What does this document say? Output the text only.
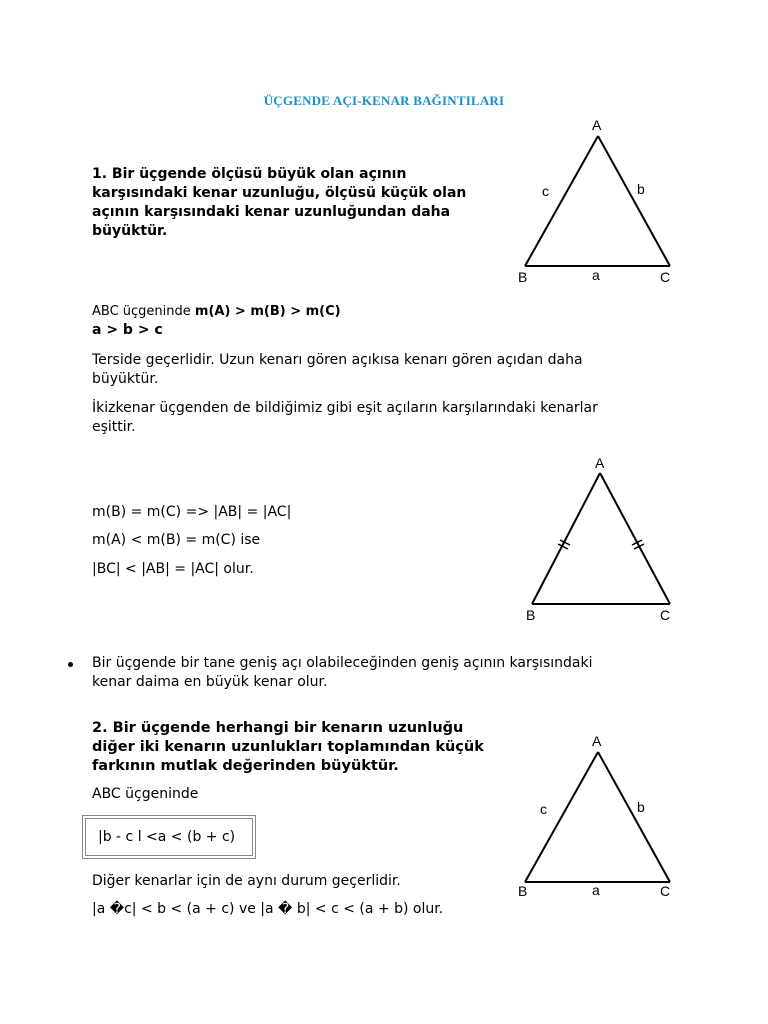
ÜÇGENDE AÇI-KENAR BAĞINTILARI
1. Bir üçgende ölçüsü büyük olan açının
karşısındaki kenar uzunluğu, ölçüsü küçük olan
açının karşısındaki kenar uzunluğundan daha
büyüktür.
A
B	C
a
b
c
ABC üçgeninde m(A) > m(B) > m(C)
a > b > c
Terside geçerlidir. Uzun kenarı gören açıkısa kenarı gören açıdan daha
büyüktür.
İkizkenar üçgenden de bildiğimiz gibi eşit açıların karşılarındaki kenarlar
eşittir.
m(B) = m(C) => |AB| = |AC|
m(A) < m(B) = m(C) ise
|BC| < |AB| = |AC| olur.
A
B	C
Bir üçgende bir tane geniş açı olabileceğinden geniş açının karşısındaki
kenar daima en büyük kenar olur.
2. Bir üçgende herhangi bir kenarın uzunluğu
diğer iki kenarın uzunlukları toplamından küçük
farkının mutlak değerinden büyüktür.
ABC üçgeninde
|b - c l <a < (b + c)
Diğer kenarlar için de aynı durum geçerlidir.
|a �c| < b < (a + c) ve |a � b| < c < (a + b) olur.
A
B	C
a
b
c
